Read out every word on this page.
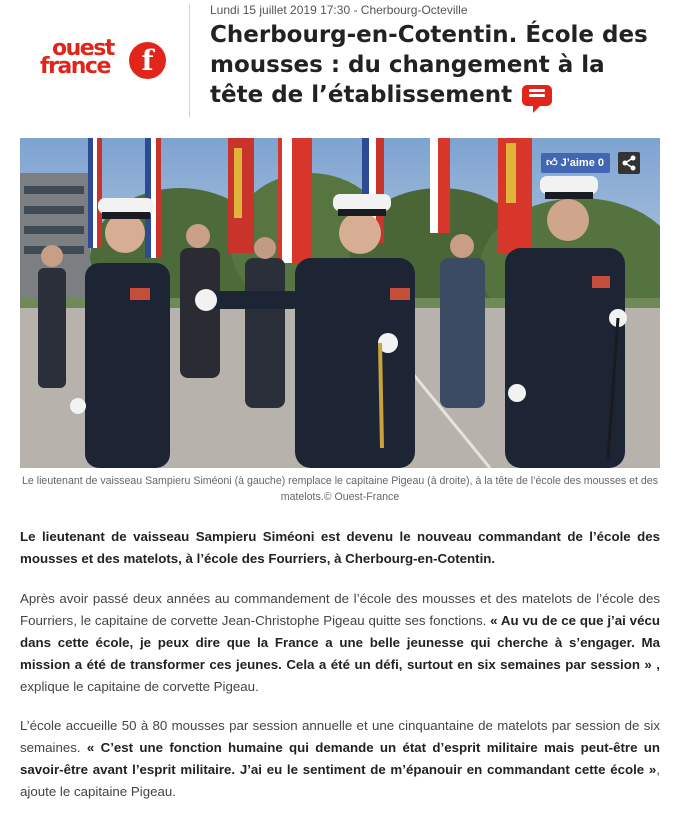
ouest
france	f
Lundi 15 juillet 2019 17:30 - Cherbourg-Octeville
Cherbourg-en-Cotentin. École des mousses : du changement à la tête de l’établissement
👍︎ J’aime 0

Le lieutenant de vaisseau Sampieru Siméoni (à gauche) remplace le capitaine Pigeau (à droite), à la tête de l’école des mousses et des matelots.© Ouest-France

Le lieutenant de vaisseau Sampieru Siméoni est devenu le nouveau commandant de l’école des mousses et des matelots, à l’école des Fourriers, à Cherbourg-en-Cotentin.

Après avoir passé deux années au commandement de l’école des mousses et des matelots de l’école des Fourriers, le capitaine de corvette Jean-Christophe Pigeau quitte ses fonctions. « Au vu de ce que j’ai vécu dans cette école, je peux dire que la France a une belle jeunesse qui cherche à s’engager. Ma mission a été de transformer ces jeunes. Cela a été un défi, surtout en six semaines par session » , explique le capitaine de corvette Pigeau.

L’école accueille 50 à 80 mousses par session annuelle et une cinquantaine de matelots par session de six semaines. « C’est une fonction humaine qui demande un état d’esprit militaire mais peut-être un savoir-être avant l’esprit militaire. J’ai eu le sentiment de m’épanouir en commandant cette école », ajoute le capitaine Pigeau.
